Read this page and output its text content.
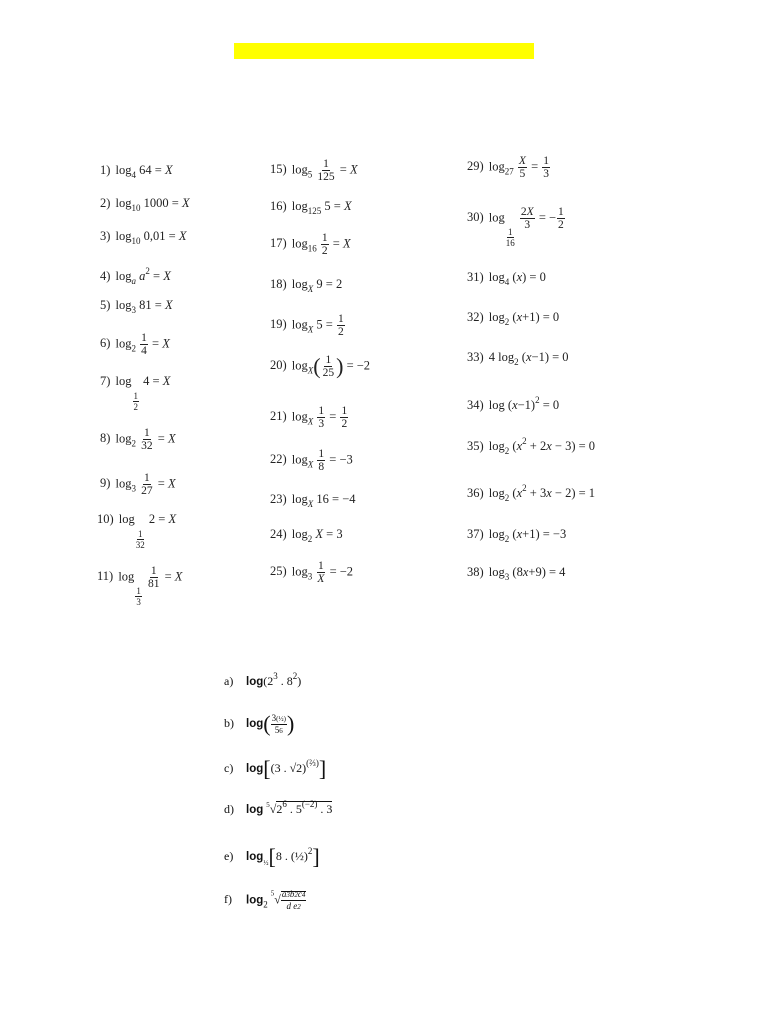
1) $\log_4 64 = X$
2) $\log_{10} 1000 = X$
3) $\log_{10} 0,01 = X$
4) $\log_a a^2 = X$
5) $\log_3 81 = X$
6) $\log_2 \frac{1}{4} = X$
7) log
$\frac{1}{2}$
4 = X
8) $\log_2 \frac{1}{32} = X$
9) $\log_3 \frac{1}{27} = X$
10) log
$\frac{1}{32}$
2 = X
11) log
$\frac{1}{3}$

$\frac{1}{81} = X$
15) $\log_5 \frac{1}{125} = X$
16) $\log_{125} 5 = X$
17) $\log_{16} \frac{1}{2} = X$
18) $\log_X 9 = 2$
19) $\log_X 5 = \frac{1}{2}$
20) $\log_X( \frac{1}{25}$ ) = −2
21) $\log_X \frac{1}{3} = \frac{1}{2}$
22) $\log_X \frac{1}{8} = -3$
23) $\log_X 16 = -4$
24) $\log_2 X = 3$
25) $\log_3 \frac{1}{X} = -2$
29) $\log_{27} \frac{X}{5} = \frac{1}{3}$
30) log
$\frac{1}{16}$

$\frac{2X}{3}$ = − $\frac{1}{2}$
31) $\log_4 (x) = 0$
32) $\log_2 (x+1) = 0$
33) 4 $\log_2 (x-1) = 0$
34) $\log (x-1)^2 = 0$
35) $\log_2 (x^2 + 2x - 3) = 0$
36) $\log_2 (x^2 + 3x - 2) = 1$
37) $\log_2 (x+1) = -3$
38) $\log_3 (8x+9) = 4$
a) $\log(2^3$ . $8^2$)
b) $\log( \frac{\text{3(½)}}{56}$ )
c) log[(3 . √2)$^{(\frac{2}{3})}$]
d) $\log ^5√2^6$ . $5^{(-2)}$ . 3
e) $\log_{\frac{1}{2}}[8$ . (½)$^2$]
f) $\log_2 ^5√ \frac{a3b2c4}{\text{d e2}}$
